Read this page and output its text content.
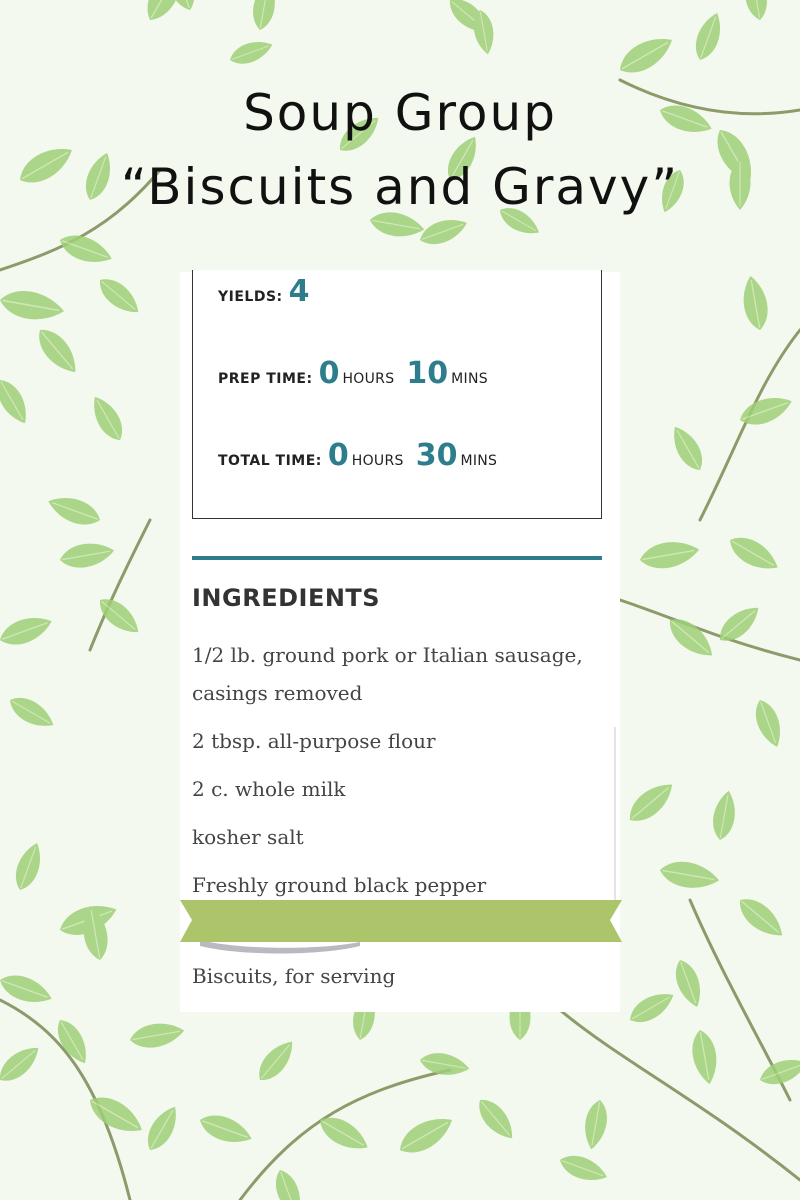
Soup Group
“Biscuits and Gravy”
YIELDS: 4
PREP TIME: 0 HOURS 10 MINS
TOTAL TIME: 0 HOURS 30 MINS
INGREDIENTS
1/2 lb. ground pork or Italian sausage, casings removed
2 tbsp. all-purpose flour
2 c. whole milk
kosher salt
Freshly ground black pepper

Biscuits, for serving
